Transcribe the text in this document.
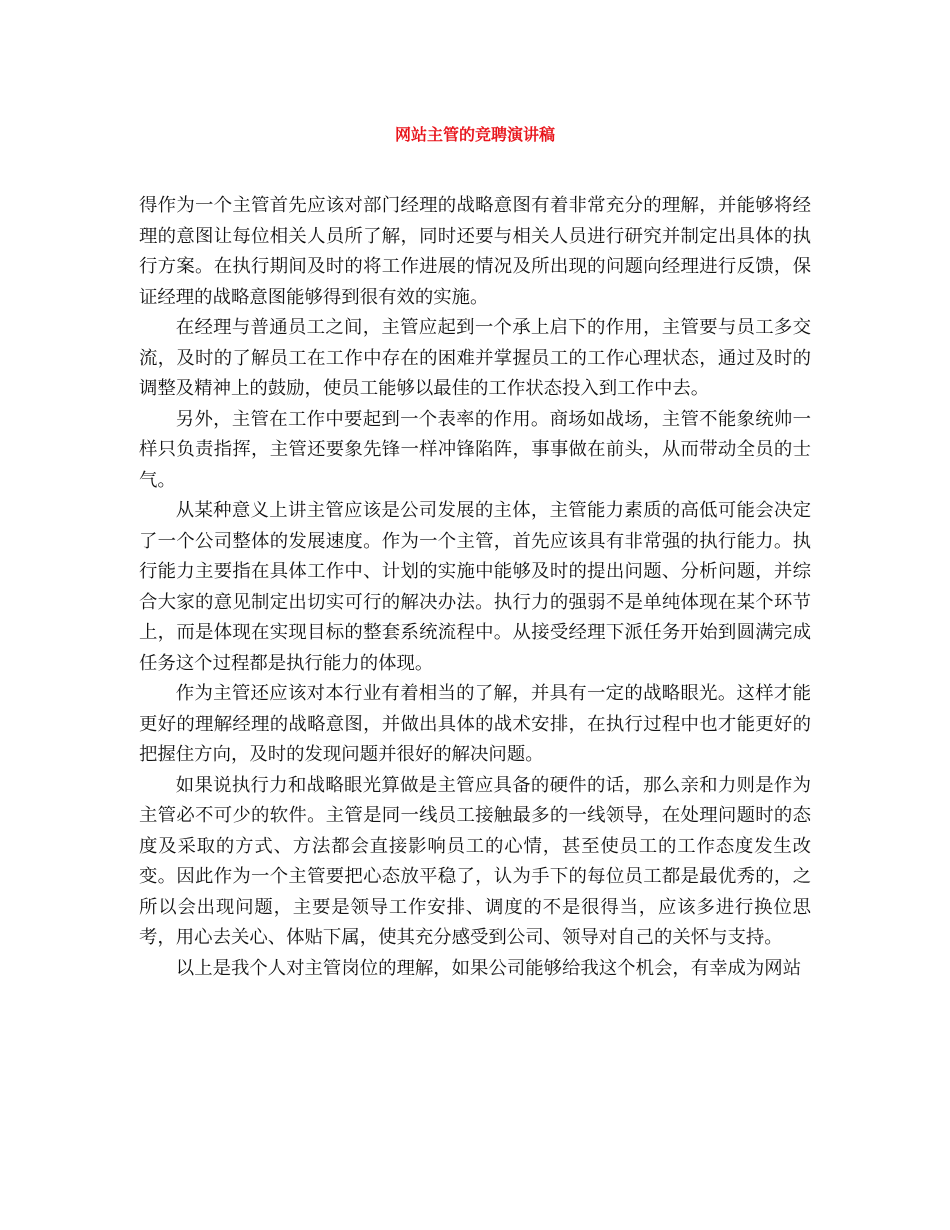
网站主管的竞聘演讲稿

得作为一个主管首先应该对部门经理的战略意图有着非常充分的理解，并能够将经理的意图让每位相关人员所了解，同时还要与相关人员进行研究并制定出具体的执行方案。在执行期间及时的将工作进展的情况及所出现的问题向经理进行反馈，保证经理的战略意图能够得到很有效的实施。

在经理与普通员工之间，主管应起到一个承上启下的作用，主管要与员工多交流，及时的了解员工在工作中存在的困难并掌握员工的工作心理状态，通过及时的调整及精神上的鼓励，使员工能够以最佳的工作状态投入到工作中去。

另外，主管在工作中要起到一个表率的作用。商场如战场，主管不能象统帅一样只负责指挥，主管还要象先锋一样冲锋陷阵，事事做在前头，从而带动全员的士气。

从某种意义上讲主管应该是公司发展的主体，主管能力素质的高低可能会决定了一个公司整体的发展速度。作为一个主管，首先应该具有非常强的执行能力。执行能力主要指在具体工作中、计划的实施中能够及时的提出问题、分析问题，并综合大家的意见制定出切实可行的解决办法。执行力的强弱不是单纯体现在某个环节上，而是体现在实现目标的整套系统流程中。从接受经理下派任务开始到圆满完成任务这个过程都是执行能力的体现。

作为主管还应该对本行业有着相当的了解，并具有一定的战略眼光。这样才能更好的理解经理的战略意图，并做出具体的战术安排，在执行过程中也才能更好的把握住方向，及时的发现问题并很好的解决问题。

如果说执行力和战略眼光算做是主管应具备的硬件的话，那么亲和力则是作为主管必不可少的软件。主管是同一线员工接触最多的一线领导，在处理问题时的态度及采取的方式、方法都会直接影响员工的心情，甚至使员工的工作态度发生改变。因此作为一个主管要把心态放平稳了，认为手下的每位员工都是最优秀的，之所以会出现问题，主要是领导工作安排、调度的不是很得当，应该多进行换位思考，用心去关心、体贴下属，使其充分感受到公司、领导对自己的关怀与支持。

以上是我个人对主管岗位的理解，如果公司能够给我这个机会，有幸成为网站
